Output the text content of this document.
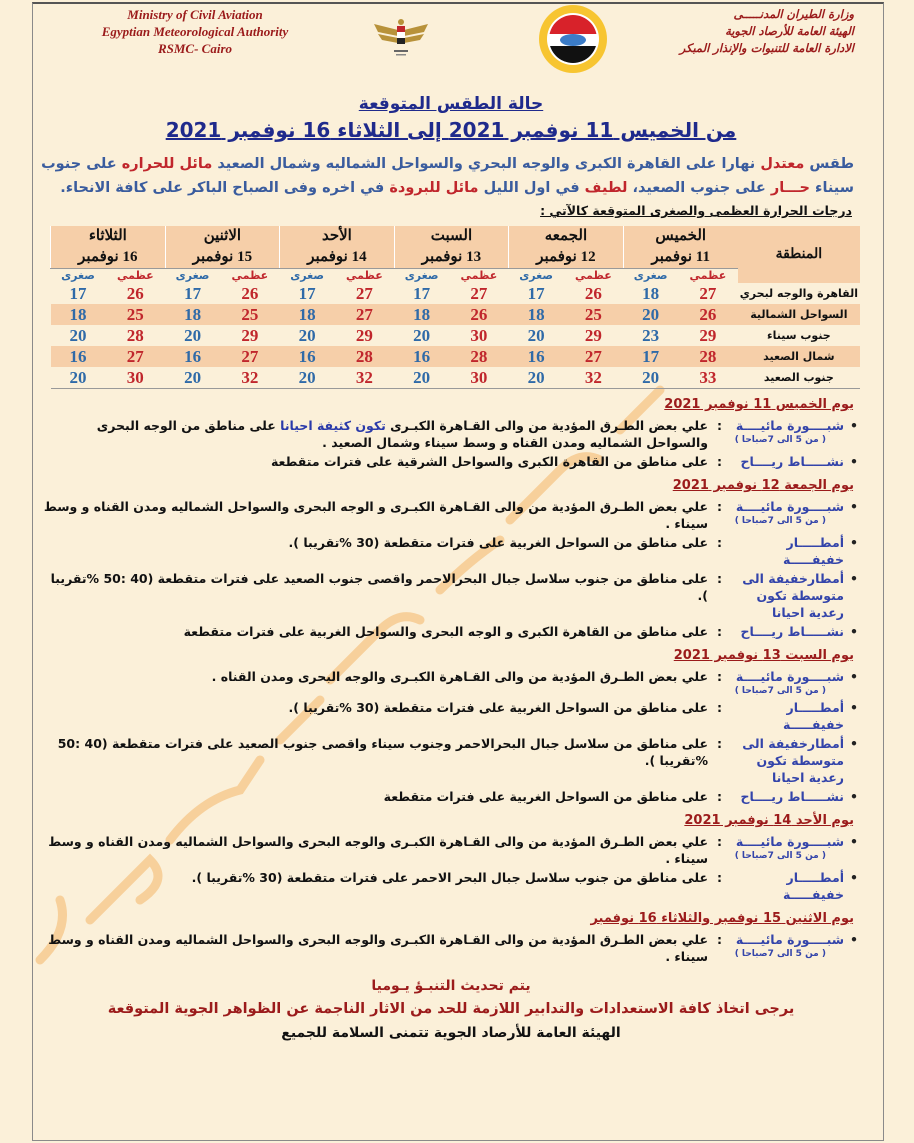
Ministry of Civil Aviation
Egyptian Meteorological Authority
RSMC- Cairo
وزارة الطيران المدنـــــى
الهيئة العامة للأرصاد الجوية
الادارة العامة للتنبوات والإنذار المبكر
حالة الطقس المتوقعة
من الخميس 11 نوفمبر 2021 إلى الثلاثاء 16 نوفمبر 2021
طقس معتدل نهارا على القاهرة الكبرى والوجه البحري والسواحل الشماليه وشمال الصعيد مائل للحراره على جنوب سيناء حـــار على جنوب الصعيد، لطيف في اول الليل مائل للبرودة في اخره وفى الصباح الباكر على كافة الانحاء.
درجات الحرارة العظمى والصغرى المتوقعة كالآتي :
المنطقة	الخميس		الجمعه		السبت		الأحد		الاثنين		الثلاثاء	

	11 نوفمبر		12 نوفمبر		13 نوفمبر		14 نوفمبر		15 نوفمبر		16 نوفمبر	
	عظمي	صغرى	عظمي	صغرى	عظمي	صغرى	عظمي	صغرى	عظمي	صغرى	عظمي	صغرى
القاهرة والوجه لبحري	27	18	26	17	27	17	27	17	26	17	26	17
السواحل الشمالية	26	20	25	18	26	18	27	18	25	18	25	18
جنوب سيناء	29	23	29	20	30	20	29	20	29	20	28	20
شمال الصعيد	28	17	27	16	28	16	28	16	27	16	27	16
جنوب الصعيد	33	20	32	20	30	20	32	20	32	20	30	20
يوم الخميس 11 نوفمبر 2021
•
شبــــورة مائيــــة
( من 5 الى 7صباحا )
:
علي بعض الطـرق المؤدية من والى القـاهرة الكبـرى تكون كثيفة احيانا على مناطق من الوجه البحرى والسواحل الشماليه ومدن القناه و وسط سيناء وشمال الصعيد .
•
نشـــــاط ريــــاح
:
على مناطق من القاهرة الكبرى والسواحل الشرقية على فترات متقطعة
يوم الجمعة 12 نوفمبر 2021
•
شبــــورة مائيــــة
( من 5 الى 7صباحا )
:
علي بعض الطـرق المؤدية من والى القـاهرة الكبـرى و الوجه البحرى والسواحل الشماليه ومدن القناه و وسط سيناء .
•
أمطـــــار خفيفـــــة
:
على مناطق من السواحل الغربية على فترات متقطعة (30 %تقريبا ).
•
أمطارخفيفة الى متوسطة تكون رعدية احيانا
:
على مناطق من جنوب سلاسل جبال البحرالاحمر واقصى جنوب الصعيد على فترات متقطعة (40 :50 %تقريبا ).
•
نشـــــاط ريــــاح
:
على مناطق من القاهرة الكبرى و الوجه البحرى والسواحل الغربية على فترات متقطعة
يوم السبت 13 نوفمبر 2021
•
شبــــورة مائيــــة
( من 5 الى 7صباحا )
:
علي بعض الطـرق المؤدية من والى القـاهرة الكبـرى والوجه البحرى ومدن القناه .
•
أمطـــــار خفيفـــــة
:
على مناطق من السواحل الغربية على فترات متقطعة (30 %تقريبا ).
•
أمطارخفيفة الى متوسطة تكون رعدية احيانا
:
على مناطق من سلاسل جبال البحرالاحمر وجنوب سيناء واقصى جنوب الصعيد على فترات متقطعة (40 :50 %تقريبا ).
•
نشـــــاط ريــــاح
:
على مناطق من السواحل الغربية على فترات متقطعة
يوم الأحد 14 نوفمبر 2021
•
شبــــورة مائيــــة
( من 5 الى 7صباحا )
:
علي بعض الطـرق المؤدية من والى القـاهرة الكبـرى والوجه البحرى والسواحل الشماليه ومدن القناه و وسط سيناء .
•
أمطـــــار خفيفـــــة
:
على مناطق من جنوب سلاسل جبال البحر الاحمر على فترات متقطعة (30 %تقريبا ).
يوم الاثنين 15 نوفمبر والثلاثاء 16 نوفمبر
•
شبــــورة مائيــــة
( من 5 الى 7صباحا )
:
علي بعض الطـرق المؤدية من والى القـاهرة الكبـرى والوجه البحرى والسواحل الشماليه ومدن القناه و وسط سيناء .
يتم تحديث التنبـؤ يـوميا
يرجى اتخاذ كافة الاستعدادات والتدابير اللازمة للحد من الاثار الناجمة عن الظواهر الجوية المتوقعة
الهيئة العامة للأرصاد الجوية تتمنى السلامة للجميع
